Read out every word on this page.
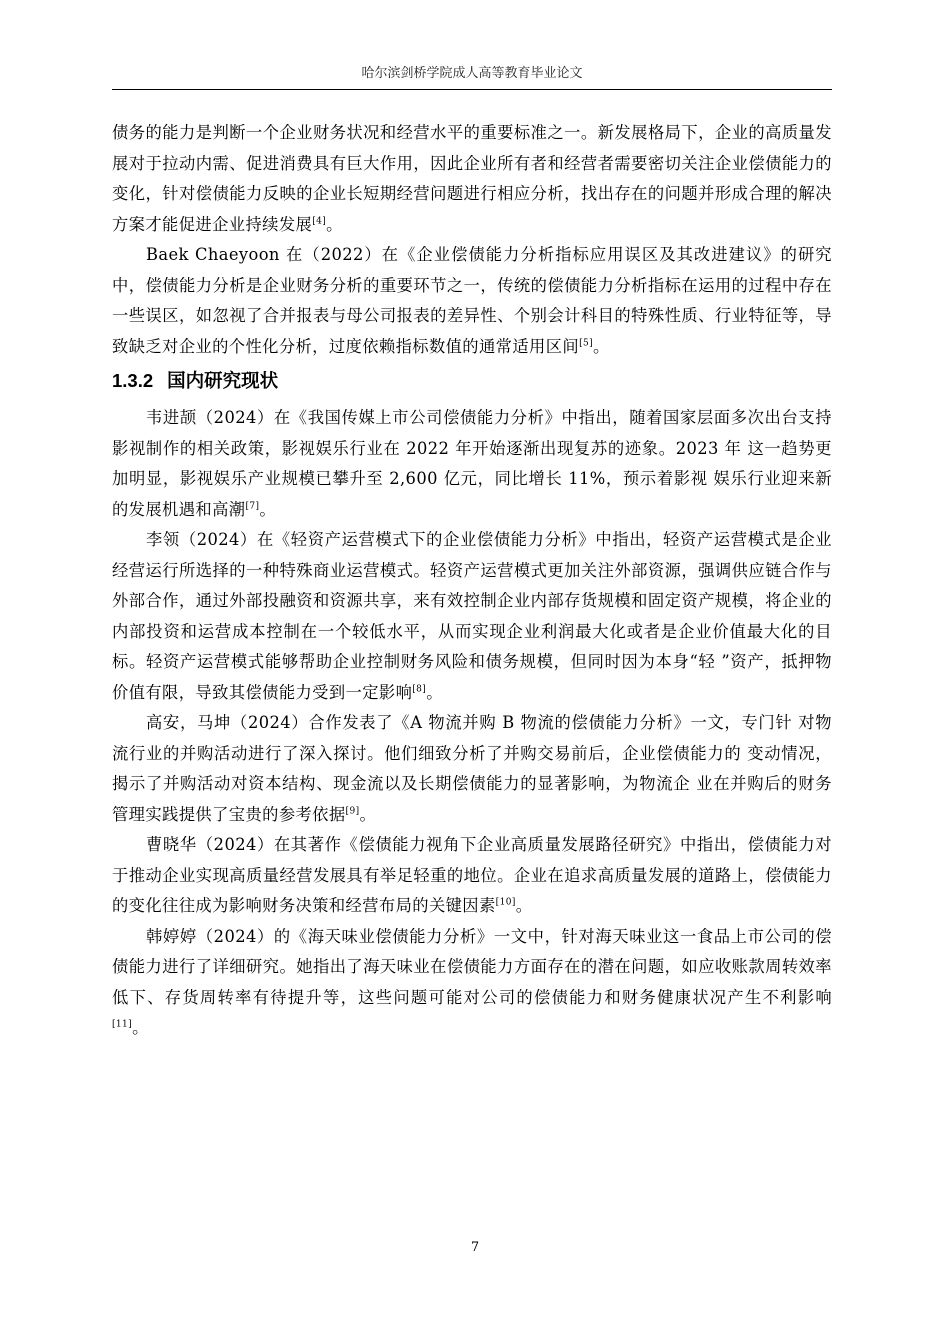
哈尔滨剑桥学院成人高等教育毕业论文

债务的能力是判断一个企业财务状况和经营水平的重要标准之一。新发展格局下，企业的高质量发展对于拉动内需、促进消费具有巨大作用，因此企业所有者和经营者需要密切关注企业偿债能力的变化，针对偿债能力反映的企业长短期经营问题进行相应分析，找出存在的问题并形成合理的解决方案才能促进企业持续发展[4]。

Baek Chaeyoon 在（2022）在《企业偿债能力分析指标应用误区及其改进建议》的研究中，偿债能力分析是企业财务分析的重要环节之一，传统的偿债能力分析指标在运用的过程中存在一些误区，如忽视了合并报表与母公司报表的差异性、个别会计科目的特殊性质、行业特征等，导致缺乏对企业的个性化分析，过度依赖指标数值的通常适用区间[5]。

1.3.2 国内研究现状

韦进颉（2024）在《我国传媒上市公司偿债能力分析》中指出，随着国家层面多次出台支持影视制作的相关政策，影视娱乐行业在 2022 年开始逐渐出现复苏的迹象。2023 年 这一趋势更加明显，影视娱乐产业规模已攀升至 2,600 亿元，同比增长 11%，预示着影视 娱乐行业迎来新的发展机遇和高潮[7]。

李领（2024）在《轻资产运营模式下的企业偿债能力分析》中指出，轻资产运营模式是企业经营运行所选择的一种特殊商业运营模式。轻资产运营模式更加关注外部资源，强调供应链合作与外部合作，通过外部投融资和资源共享，来有效控制企业内部存货规模和固定资产规模，将企业的内部投资和运营成本控制在一个较低水平，从而实现企业利润最大化或者是企业价值最大化的目标。轻资产运营模式能够帮助企业控制财务风险和债务规模，但同时因为本身“轻 ”资产，抵押物价值有限，导致其偿债能力受到一定影响[8]。

高安，马坤（2024）合作发表了《A 物流并购 B 物流的偿债能力分析》一文，专门针 对物流行业的并购活动进行了深入探讨。他们细致分析了并购交易前后，企业偿债能力的 变动情况，揭示了并购活动对资本结构、现金流以及长期偿债能力的显著影响，为物流企 业在并购后的财务管理实践提供了宝贵的参考依据[9]。

曹晓华（2024）在其著作《偿债能力视角下企业高质量发展路径研究》中指出，偿债能力对于推动企业实现高质量经营发展具有举足轻重的地位。企业在追求高质量发展的道路上，偿债能力的变化往往成为影响财务决策和经营布局的关键因素[10]。

韩婷婷（2024）的《海天味业偿债能力分析》一文中，针对海天味业这一食品上市公司的偿债能力进行了详细研究。她指出了海天味业在偿债能力方面存在的潜在问题，如应收账款周转效率低下、存货周转率有待提升等，这些问题可能对公司的偿债能力和财务健康状况产生不利影响[11]。

7
